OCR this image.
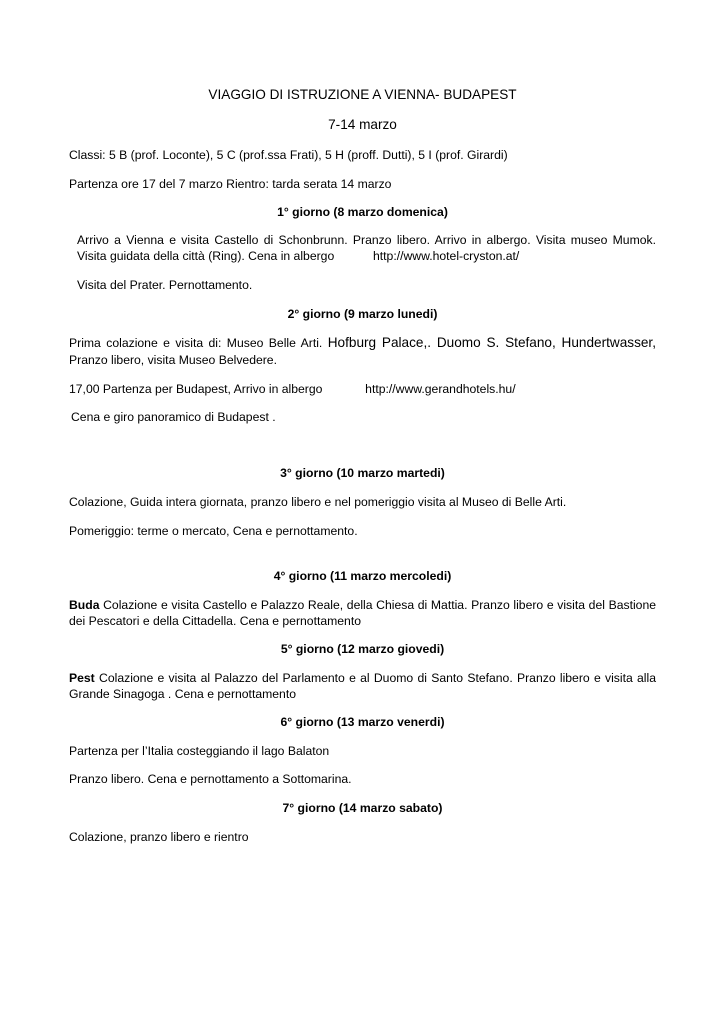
VIAGGIO DI ISTRUZIONE A VIENNA- BUDAPEST
7-14 marzo
Classi: 5 B (prof. Loconte), 5 C (prof.ssa Frati), 5 H (proff. Dutti), 5 I (prof. Girardi)
Partenza ore 17 del 7 marzo Rientro: tarda serata 14 marzo
1° giorno (8 marzo domenica)
Arrivo a Vienna e visita Castello di Schonbrunn. Pranzo libero. Arrivo in albergo. Visita museo Mumok.
Visita guidata della città (Ring). Cena in albergo	http://www.hotel-cryston.at/
Visita del Prater. Pernottamento.
2° giorno (9 marzo lunedi)
Prima colazione e visita di: Museo Belle Arti. Hofburg Palace,. Duomo S. Stefano, Hundertwasser,
Pranzo libero, visita Museo Belvedere.
17,00 Partenza per Budapest, Arrivo in albergo	http://www.gerandhotels.hu/
Cena e giro panoramico di Budapest .
3° giorno (10 marzo martedi)
Colazione, Guida intera giornata, pranzo libero e nel pomeriggio visita al Museo di Belle Arti.
Pomeriggio: terme o mercato, Cena e pernottamento.
4° giorno (11 marzo mercoledi)
Buda Colazione e visita Castello e Palazzo Reale, della Chiesa di Mattia. Pranzo libero e visita del Bastione
dei Pescatori e della Cittadella. Cena e pernottamento
5° giorno (12 marzo giovedi)
Pest Colazione e visita al Palazzo del Parlamento e al Duomo di Santo Stefano. Pranzo libero e visita alla
Grande Sinagoga . Cena e pernottamento
6° giorno (13 marzo venerdi)
Partenza per l’Italia costeggiando il lago Balaton
Pranzo libero. Cena e pernottamento a Sottomarina.
7° giorno (14 marzo sabato)
Colazione, pranzo libero e rientro
